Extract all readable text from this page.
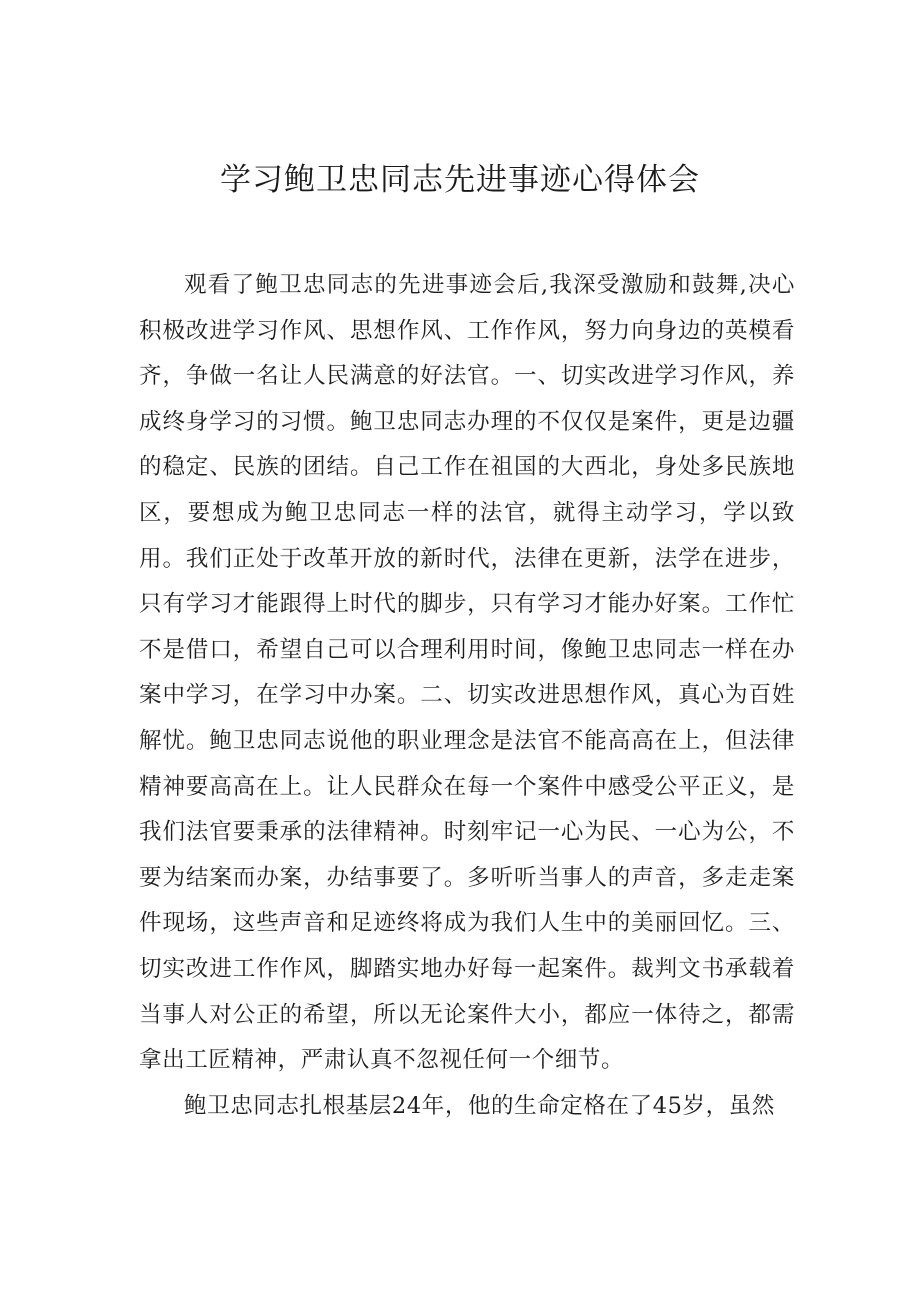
学习鲍卫忠同志先进事迹心得体会

观看了鲍卫忠同志的先进事迹会后,我深受激励和鼓舞,决心积极改进学习作风、思想作风、工作作风，努力向身边的英模看齐，争做一名让人民满意的好法官。一、切实改进学习作风，养成终身学习的习惯。鲍卫忠同志办理的不仅仅是案件，更是边疆的稳定、民族的团结。自己工作在祖国的大西北，身处多民族地区，要想成为鲍卫忠同志一样的法官，就得主动学习，学以致用。我们正处于改革开放的新时代，法律在更新，法学在进步，只有学习才能跟得上时代的脚步，只有学习才能办好案。工作忙不是借口，希望自己可以合理利用时间，像鲍卫忠同志一样在办案中学习，在学习中办案。二、切实改进思想作风，真心为百姓解忧。鲍卫忠同志说他的职业理念是法官不能高高在上，但法律精神要高高在上。让人民群众在每一个案件中感受公平正义，是我们法官要秉承的法律精神。时刻牢记一心为民、一心为公，不要为结案而办案，办结事要了。多听听当事人的声音，多走走案件现场，这些声音和足迹终将成为我们人生中的美丽回忆。三、切实改进工作作风，脚踏实地办好每一起案件。裁判文书承载着当事人对公正的希望，所以无论案件大小，都应一体待之，都需拿出工匠精神，严肃认真不忽视任何一个细节。

鲍卫忠同志扎根基层24年，他的生命定格在了45岁，虽然
